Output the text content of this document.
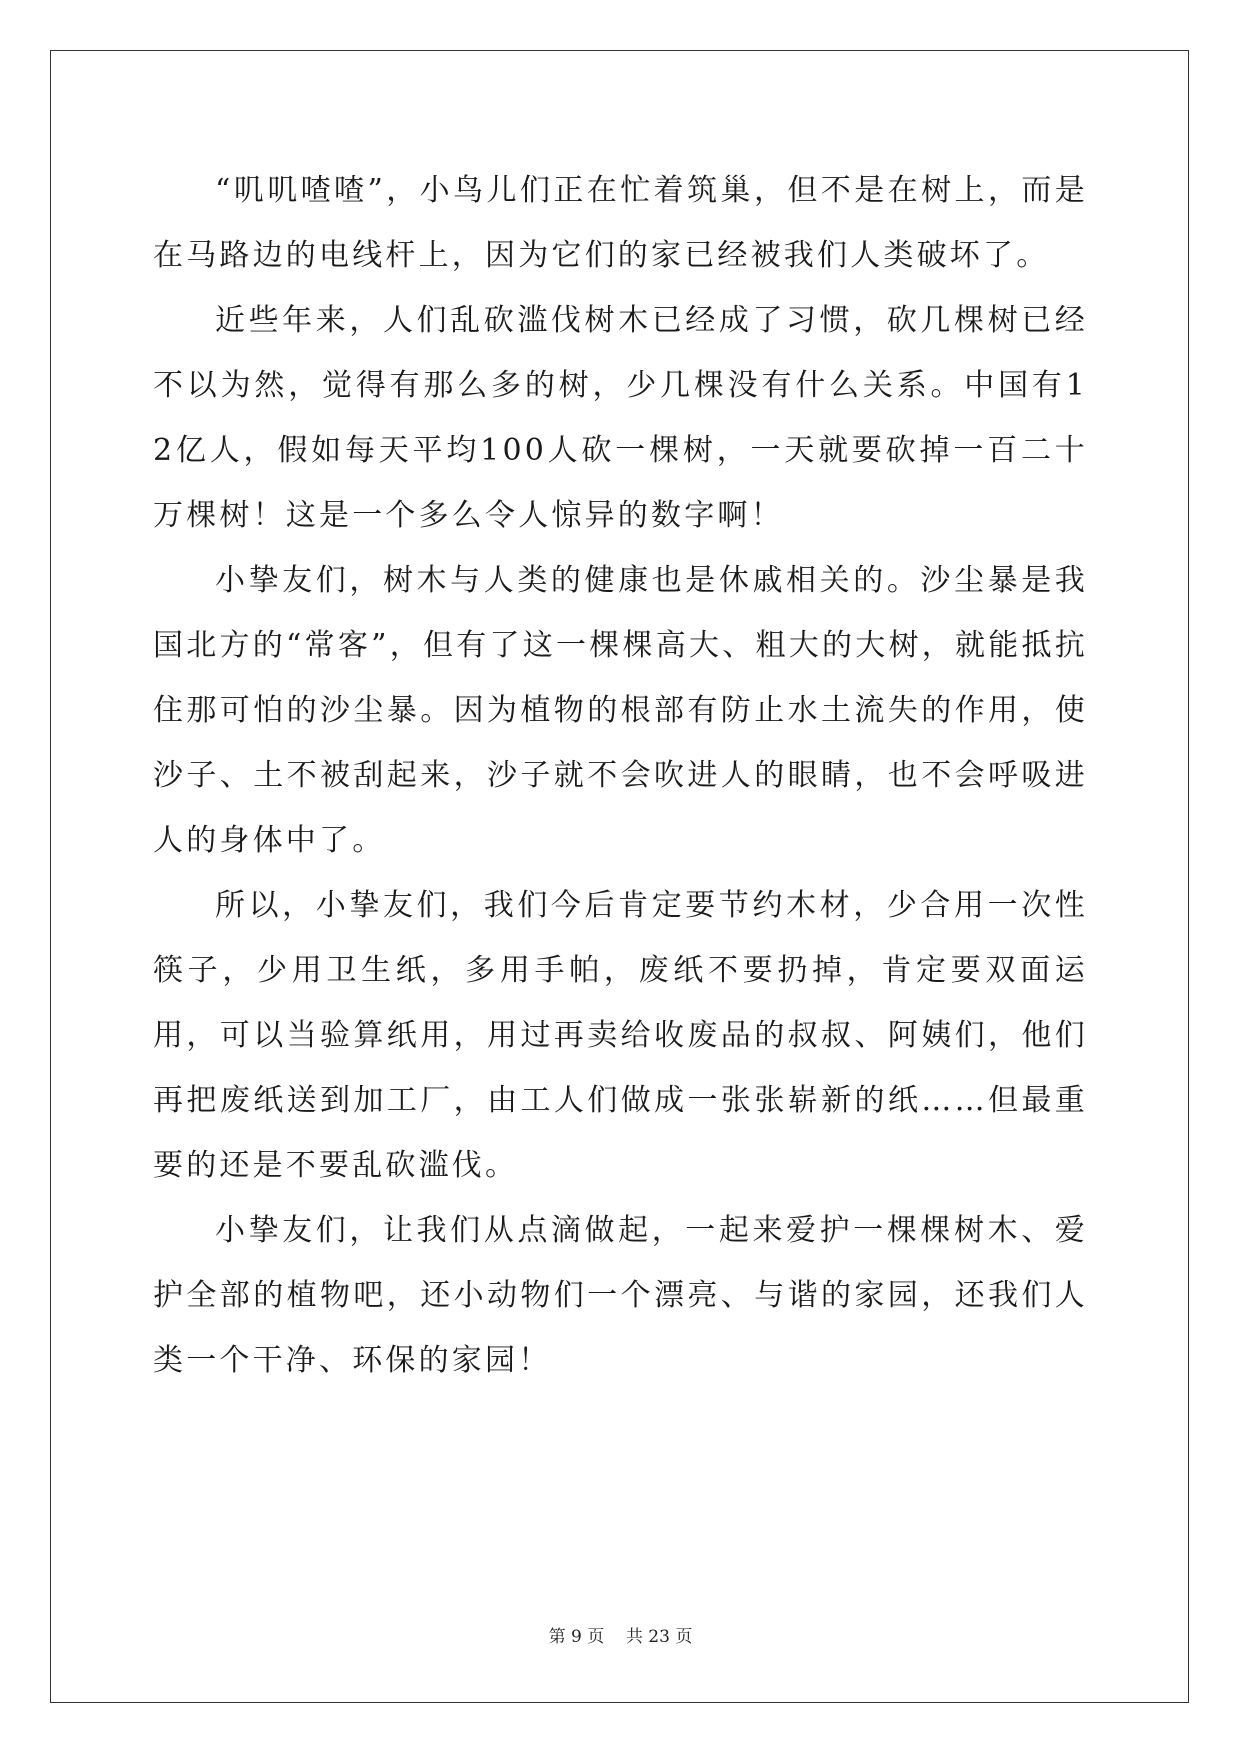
“叽叽喳喳”，小鸟儿们正在忙着筑巢，但不是在树上，而是在马路边的电线杆上，因为它们的家已经被我们人类破坏了。

近些年来，人们乱砍滥伐树木已经成了习惯，砍几棵树已经不以为然，觉得有那么多的树，少几棵没有什么关系。中国有12亿人，假如每天平均100人砍一棵树，一天就要砍掉一百二十万棵树！这是一个多么令人惊异的数字啊！

小挚友们，树木与人类的健康也是休戚相关的。沙尘暴是我国北方的“常客”，但有了这一棵棵高大、粗大的大树，就能抵抗住那可怕的沙尘暴。因为植物的根部有防止水土流失的作用，使沙子、土不被刮起来，沙子就不会吹进人的眼睛，也不会呼吸进人的身体中了。

所以，小挚友们，我们今后肯定要节约木材，少合用一次性筷子，少用卫生纸，多用手帕，废纸不要扔掉，肯定要双面运用，可以当验算纸用，用过再卖给收废品的叔叔、阿姨们，他们再把废纸送到加工厂，由工人们做成一张张崭新的纸……但最重要的还是不要乱砍滥伐。

小挚友们，让我们从点滴做起，一起来爱护一棵棵树木、爱护全部的植物吧，还小动物们一个漂亮、与谐的家园，还我们人类一个干净、环保的家园！

第 9 页 共 23 页
